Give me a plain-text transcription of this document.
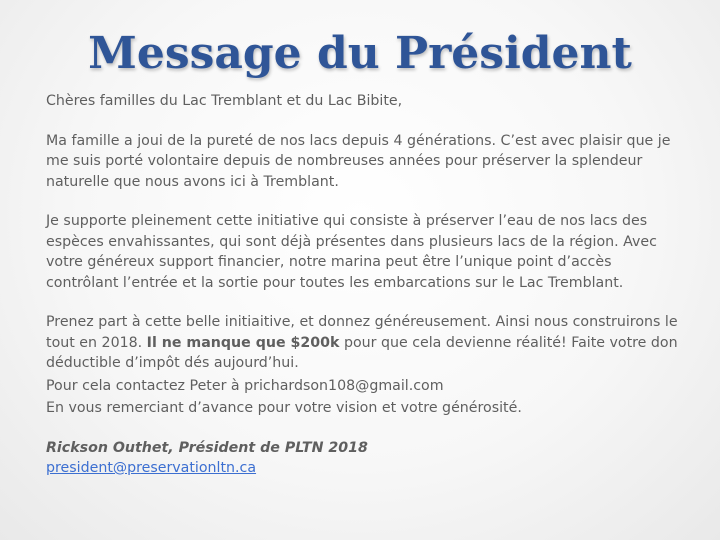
Message du Président

Chères familles du Lac Tremblant et du Lac Bibite,

Ma famille a joui de la pureté de nos lacs depuis 4 générations. C’est avec plaisir que je me suis porté volontaire depuis de nombreuses années pour préserver la splendeur naturelle que nous avons ici à Tremblant.

Je supporte pleinement cette initiative qui consiste à préserver l’eau de nos lacs des espèces envahissantes, qui sont déjà présentes dans plusieurs lacs de la région. Avec votre généreux support financier, notre marina peut être l’unique point d’accès contrôlant l’entrée et la sortie pour toutes les embarcations sur le Lac Tremblant.

Prenez part à cette belle initiaitive, et donnez généreusement. Ainsi nous construirons le tout en 2018. Il ne manque que $200k pour que cela devienne réalité! Faite votre don déductible d’impôt dés aujourd’hui.

Pour cela contactez Peter à prichardson108@gmail.com

En vous remerciant d’avance pour votre vision et votre générosité.

Rickson Outhet, Président de PLTN 2018

president@preservationltn.ca
